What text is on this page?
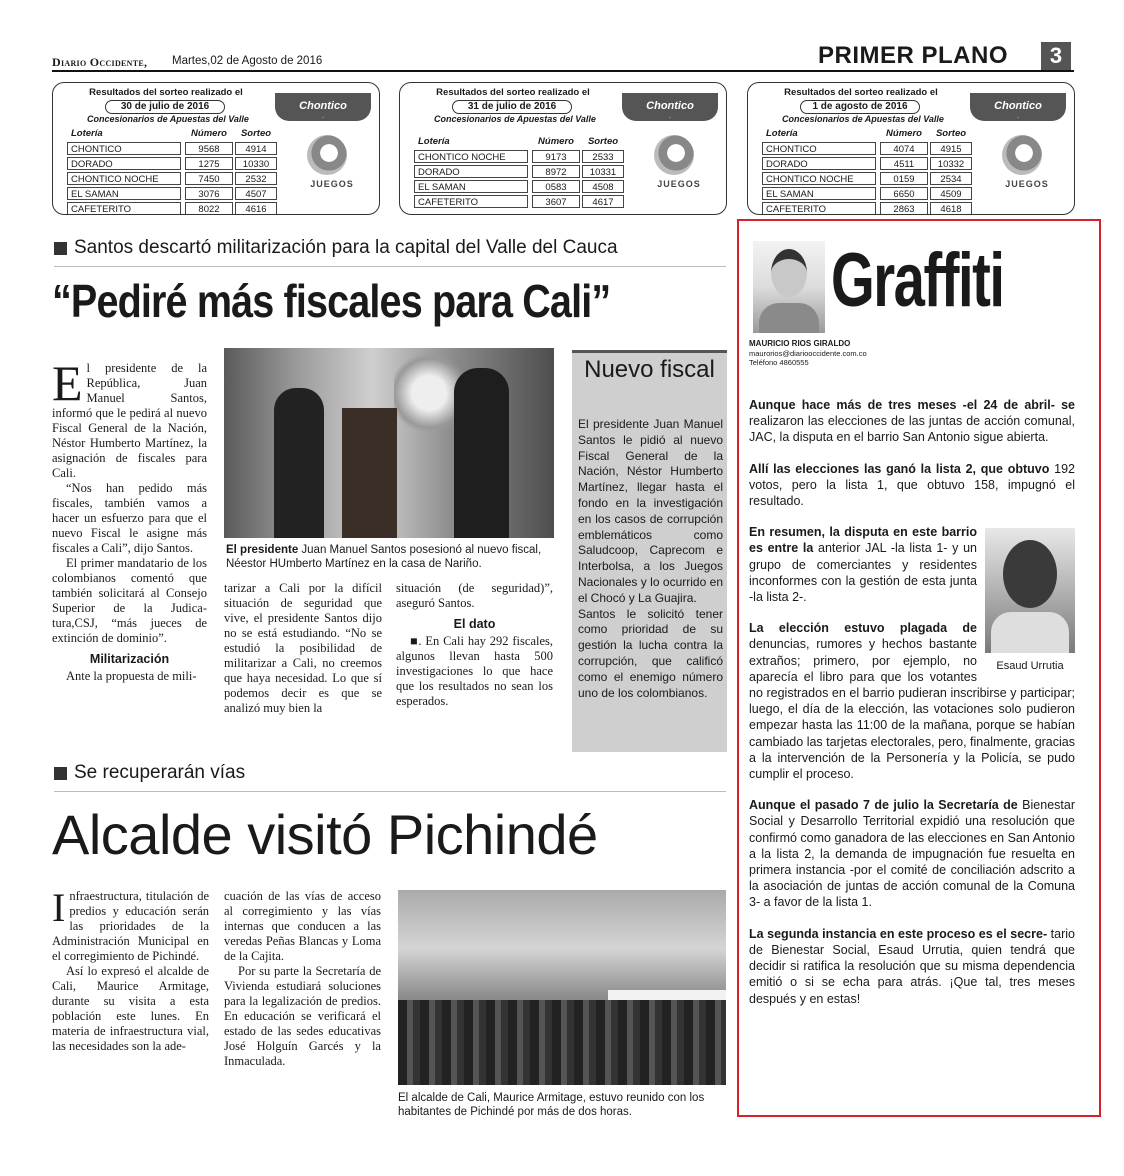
Diario Occidente, Martes,02 de Agosto de 2016	PRIMER PLANO	3
Resultados del sorteo realizado el
30 de julio de 2016
Concesionarios de Apuestas del Valle
Chontico
.
JUEGOS
Lotería	Número	Sorteo
CHONTICO	9568	4914
DORADO	1275	10330
CHONTICO NOCHE	7450	2532
EL SAMAN	3076	4507
CAFETERITO	8022	4616
Resultados del sorteo realizado el
31 de julio de 2016
Concesionarios de Apuestas del Valle
Chontico
.
JUEGOS
Lotería	Número	Sorteo
CHONTICO NOCHE	9173	2533
DORADO	8972	10331
EL SAMAN	0583	4508
CAFETERITO	3607	4617
Resultados del sorteo realizado el
1 de agosto de 2016
Concesionarios de Apuestas del Valle
Chontico
.
JUEGOS
Lotería	Número	Sorteo
CHONTICO	4074	4915
DORADO	4511	10332
CHONTICO NOCHE	0159	2534
EL SAMAN	6650	4509
CAFETERITO	2863	4618
Santos descartó militarización para la capital del Valle del Cauca
“Pediré más fiscales para Cali”
El presidente de la República, Juan Manuel Santos, informó que le pedirá al nuevo Fiscal General de la Nación, Néstor Humberto Martínez, la asignación de fiscales para Cali.
“Nos han pedido más fiscales, también vamos a hacer un esfuerzo para que el nuevo Fiscal le asigne más fiscales a Cali”, dijo Santos.
El primer mandatario de los colombianos comentó que también solicitará al Consejo Superior de la Judica-tura,CSJ, “más jueces de extinción de dominio”.
Militarización
Ante la propuesta de mili-
El presidente Juan Manuel Santos posesionó al nuevo fiscal, Néestor HUmberto Martínez en la casa de Nariño.
tarizar a Cali por la difícil situación de seguridad que vive, el presidente Santos dijo no se está estudiando. “No se estudió la posibilidad de militarizar a Cali, no creemos que haya necesidad. Lo que sí podemos decir es que se analizó muy bien la
situación (de seguridad)”, aseguró Santos.
El dato
■. En Cali hay 292 fiscales, algunos llevan hasta 500 investigaciones lo que hace que los resultados no sean los esperados.
Nuevo fiscal
El presidente Juan Manuel Santos le pidió al nuevo Fiscal General de la Nación, Néstor Humberto Martínez, llegar hasta el fondo en la investigación en los casos de corrupción emblemáticos como Saludcoop, Caprecom e Interbolsa, a los Juegos Nacionales y lo ocurrido en el Chocó y La Guajira.
Santos le solicitó tener como prioridad de su gestión la lucha contra la corrupción, que calificó como el enemigo número uno de los colombianos.
Se recuperarán vías
Alcalde visitó Pichindé
Infraestructura, titulación de predios y educación serán las prioridades de la Administración Municipal en el corregimiento de Pichindé.
Así lo expresó el alcalde de Cali, Maurice Armitage, durante su visita a esta población este lunes. En materia de infraestructura vial, las necesidades son la ade-
cuación de las vías de acceso al corregimiento y las vías internas que conducen a las veredas Peñas Blancas y Loma de la Cajita.
Por su parte la Secretaría de Vivienda estudiará soluciones para la legalización de predios. En educación se verificará el estado de las sedes educativas José Holguín Garcés y la Inmaculada.
El alcalde de Cali, Maurice Armitage, estuvo reunido con los habitantes de Pichindé por más de dos horas.
Graffiti
MAURICIO RIOS GIRALDO
maurorios@diariooccidente.com.co
Teléfono 4860555

Aunque hace más de tres meses -el 24 de abril- se realizaron las elecciones de las juntas de acción comunal, JAC, la disputa en el barrio San Antonio sigue abierta.

Allí las elecciones las ganó la lista 2, que obtuvo 192 votos, pero la lista 1, que obtuvo 158, impugnó el resultado.

Esaud Urrutia

En resumen, la disputa en este barrio es entre la anterior JAL -la lista 1- y un grupo de comerciantes y residentes inconformes con la gestión de esta junta -la lista 2-.

La elección estuvo plagada de denuncias, rumores y hechos bastante extraños; primero, por ejemplo, no aparecía el libro para que los votantes no registrados en el barrio pudieran inscribirse y participar; luego, el día de la elección, las votaciones solo pudieron empezar hasta las 11:00 de la mañana, porque se habían cambiado las tarjetas electorales, pero, finalmente, gracias a la intervención de la Personería y la Policía, se pudo cumplir el proceso.

Aunque el pasado 7 de julio la Secretaría de Bienestar Social y Desarrollo Territorial expidió una resolución que confirmó como ganadora de las elecciones en San Antonio a la lista 2, la demanda de impugnación fue resuelta en primera instancia -por el comité de conciliación adscrito a la asociación de juntas de acción comunal de la Comuna 3- a favor de la lista 1.

La segunda instancia en este proceso es el secre- tario de Bienestar Social, Esaud Urrutia, quien tendrá que decidir si ratifica la resolución que su misma dependencia emitió o si se echa para atrás. ¡Que tal, tres meses después y en estas!
